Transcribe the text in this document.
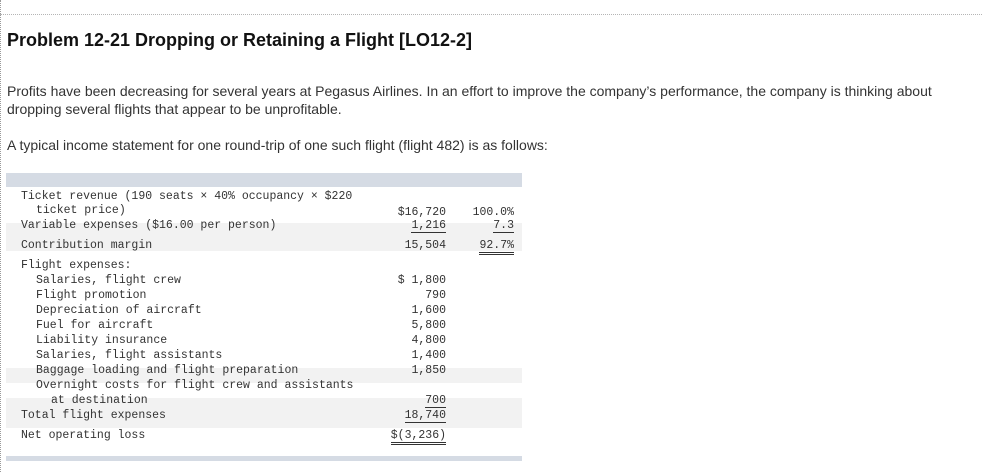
Problem 12-21 Dropping or Retaining a Flight [LO12-2]
Profits have been decreasing for several years at Pegasus Airlines. In an effort to improve the company’s performance, the company is thinking about dropping several flights that appear to be unprofitable.
A typical income statement for one round-trip of one such flight (flight 482) is as follows:
Ticket revenue (190 seats × 40% occupancy × $220
ticket price)	$16,720 100.0%
Variable expenses ($16.00 per person)	1,216	7.3
Contribution margin	15,504	92.7%
Flight expenses:
Salaries, flight crew	$ 1,800
Flight promotion	790
Depreciation of aircraft	1,600
Fuel for aircraft	5,800
Liability insurance	4,800
Salaries, flight assistants	1,400
Baggage loading and flight preparation	1,850
Overnight costs for flight crew and assistants
at destination	700
Total flight expenses	18,740
Net operating loss	$(3,236)
